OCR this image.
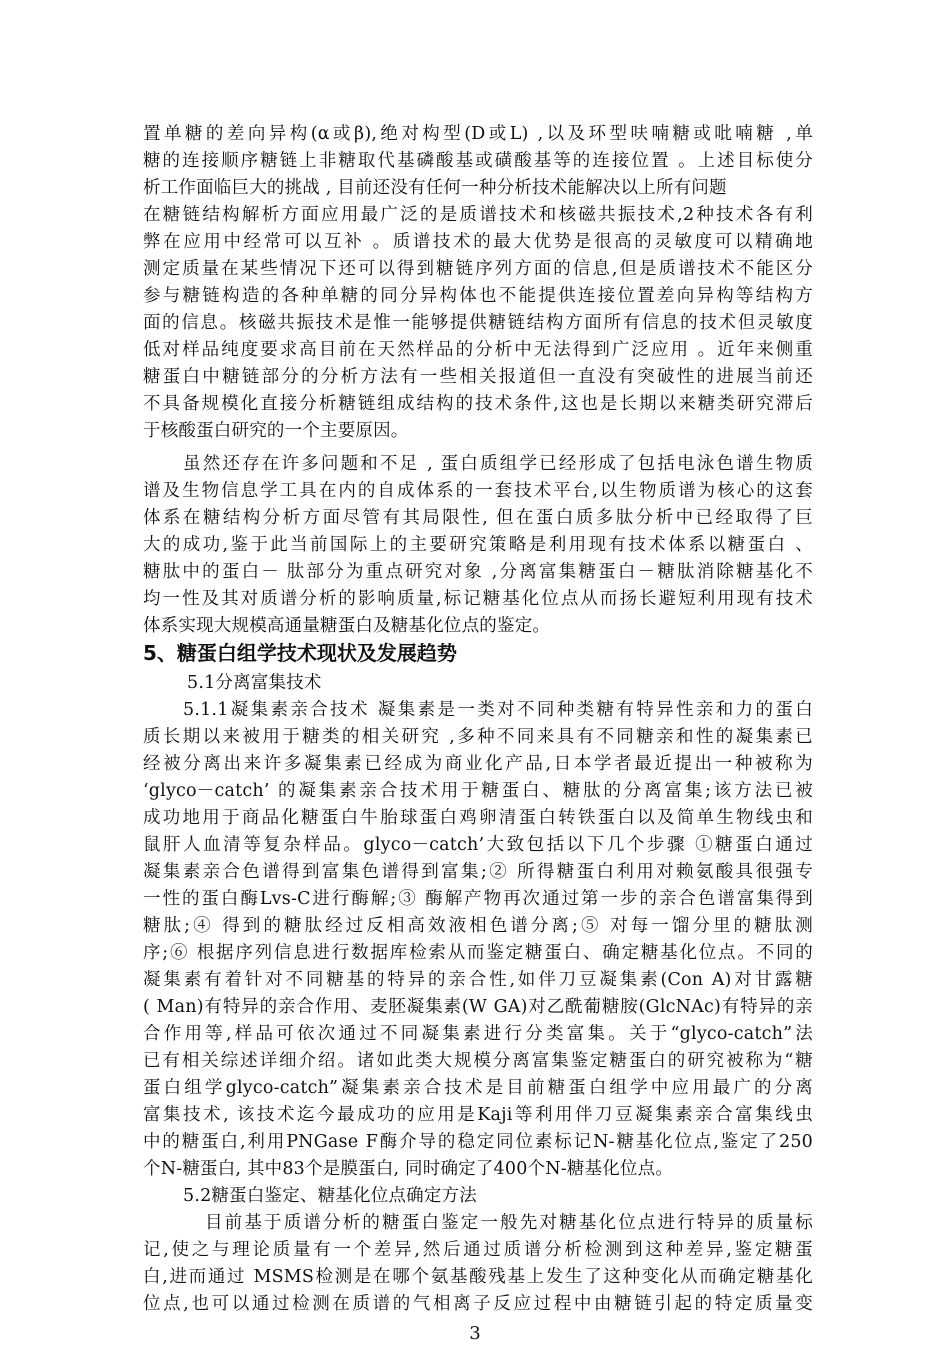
置单糖的差向异构(α或β),绝对构型(D或L) ,以及环型呋喃糖或吡喃糖 ,单
糖的连接顺序糖链上非糖取代基磷酸基或磺酸基等的连接位置 。上述目标使分
析工作面临巨大的挑战 , 目前还没有任何一种分析技术能解决以上所有问题
在糖链结构解析方面应用最广泛的是质谱技术和核磁共振技术,2种技术各有利
弊在应用中经常可以互补 。质谱技术的最大优势是很高的灵敏度可以精确地
测定质量在某些情况下还可以得到糖链序列方面的信息,但是质谱技术不能区分
参与糖链构造的各种单糖的同分异构体也不能提供连接位置差向异构等结构方
面的信息。核磁共振技术是惟一能够提供糖链结构方面所有信息的技术但灵敏度
低对样品纯度要求高目前在天然样品的分析中无法得到广泛应用 。近年来侧重
糖蛋白中糖链部分的分析方法有一些相关报道但一直没有突破性的进展当前还
不具备规模化直接分析糖链组成结构的技术条件,这也是长期以来糖类研究滞后
于核酸蛋白研究的一个主要原因。
虽然还存在许多问题和不足 , 蛋白质组学已经形成了包括电泳色谱生物质
谱及生物信息学工具在内的自成体系的一套技术平台,以生物质谱为核心的这套
体系在糖结构分析方面尽管有其局限性, 但在蛋白质多肽分析中已经取得了巨
大的成功,鉴于此当前国际上的主要研究策略是利用现有技术体系以糖蛋白 、
糖肽中的蛋白－ 肽部分为重点研究对象 ,分离富集糖蛋白－糖肽消除糖基化不
均一性及其对质谱分析的影响质量,标记糖基化位点从而扬长避短利用现有技术
体系实现大规模高通量糖蛋白及糖基化位点的鉴定。
5、糖蛋白组学技术现状及发展趋势
5.1分离富集技术
5.1.1凝集素亲合技术 凝集素是一类对不同种类糖有特异性亲和力的蛋白
质长期以来被用于糖类的相关研究 ,多种不同来具有不同糖亲和性的凝集素已
经被分离出来许多凝集素已经成为商业化产品,日本学者最近提出一种被称为
‘glyco－catch’ 的凝集素亲合技术用于糖蛋白、糖肽的分离富集;该方法已被
成功地用于商品化糖蛋白牛胎球蛋白鸡卵清蛋白转铁蛋白以及简单生物线虫和
鼠肝人血清等复杂样品。glyco－catch’大致包括以下几个步骤 ①糖蛋白通过
凝集素亲合色谱得到富集色谱得到富集;② 所得糖蛋白利用对赖氨酸具很强专
一性的蛋白酶Lvs-C进行酶解;③ 酶解产物再次通过第一步的亲合色谱富集得到
糖肽;④ 得到的糖肽经过反相高效液相色谱分离;⑤ 对每一馏分里的糖肽测
序;⑥ 根据序列信息进行数据库检索从而鉴定糖蛋白、确定糖基化位点。不同的
凝集素有着针对不同糖基的特异的亲合性,如伴刀豆凝集素(Con A)对甘露糖
( Man)有特异的亲合作用、麦胚凝集素(W GA)对乙酰葡糖胺(GlcNAc)有特异的亲
合作用等,样品可依次通过不同凝集素进行分类富集。关于“glyco-catch”法
已有相关综述详细介绍。诸如此类大规模分离富集鉴定糖蛋白的研究被称为“糖
蛋白组学glyco-catch”凝集素亲合技术是目前糖蛋白组学中应用最广的分离
富集技术, 该技术迄今最成功的应用是Kaji等利用伴刀豆凝集素亲合富集线虫
中的糖蛋白,利用PNGase F酶介导的稳定同位素标记N-糖基化位点,鉴定了250
个N-糖蛋白, 其中83个是膜蛋白, 同时确定了400个N-糖基化位点。
5.2糖蛋白鉴定、糖基化位点确定方法
目前基于质谱分析的糖蛋白鉴定一般先对糖基化位点进行特异的质量标
记,使之与理论质量有一个差异,然后通过质谱分析检测到这种差异,鉴定糖蛋
白,进而通过 MSMS检测是在哪个氨基酸残基上发生了这种变化从而确定糖基化
位点,也可以通过检测在质谱的气相离子反应过程中由糖链引起的特定质量变
3
